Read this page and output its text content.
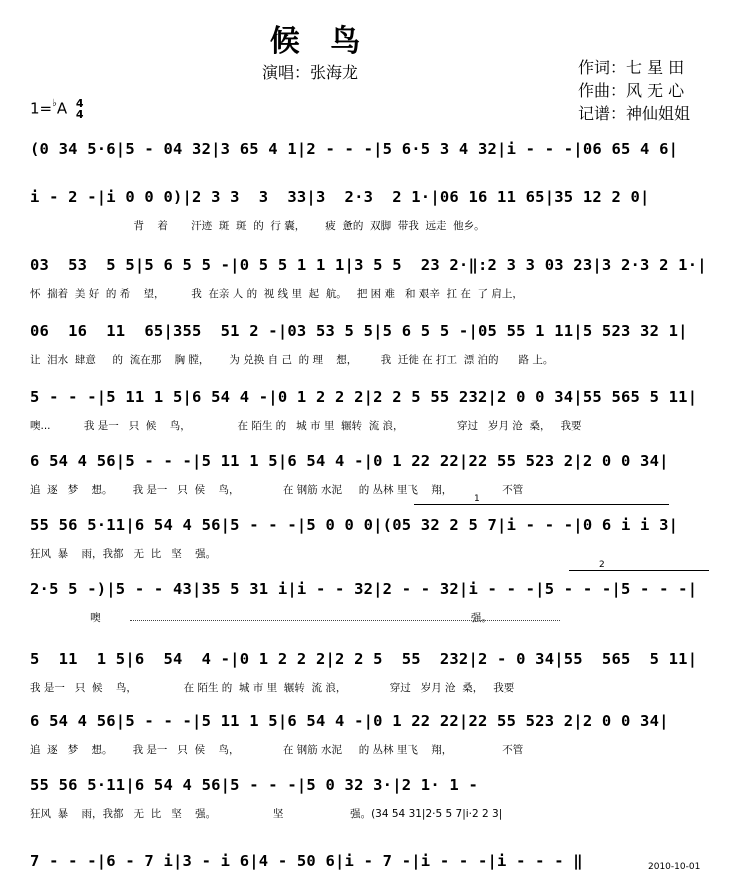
候 鸟
演唱：张海龙	作词：七 星 田
作曲：风 无 心
记谱：神仙姐姐
1=♭A 4
4
(0 34 5·6|5 - 04 32|3 65 4 1|2 - - -|5 6·5 3 4 32|i - - -|06 65 4 6|
i - 2 -|i 0 0 0)|2 3 3  3  33|3  2·3  2 1·|06 16 11 65|35 12 2 0|
背    着       汗迹  斑  斑  的  行 囊，      疲  惫的  双脚  带我  远走  他乡。
03  53  5 5|5 6 5 5 -|0 5 5 1 1 1|3 5 5  23 2·‖:2 3 3 03 23|3 2·3 2 1·|
怀  揣着  美 好  的 希    望，        我  在亲 人 的  视 线 里  起  航。   把 困 难   和 艰辛  扛 在  了 肩上，
06  16  11  65|355  51 2 -|03 53 5 5|5 6 5 5 -|05 55 1 11|5 523 32 1|
让  泪水  肆意     的  流在那    胸 膛，      为 兑换 自 己  的 理    想，       我  迁徙 在 打工  漂 泊的      路 上。
5 - - -|5 11 1 5|6 54 4 -|0 1 2 2 2|2 2 5 55 232|2 0 0 34|55 565 5 11|
噢...          我 是一   只  候    鸟，              在 陌生 的   城 市 里  辗转  流 浪，                穿过   岁月 沧  桑，   我要
6 54 4 56|5 - - -|5 11 1 5|6 54 4 -|0 1 22 22|22 55 523 2|2 0 0 34|
追  逐   梦    想。      我 是一   只  侯    鸟，             在 钢筋 水泥     的 丛林 里飞    翔，               不管
55 56 5·11|6 54 4 56|5 - - -|5 0 0 0|(05 32 2 5 7|i - - -|0 6 i i 3|
狂风  暴    雨，我都   无  比   坚    强。
2·5 5 -)|5 - - 43|35 5 31 i|i - - 32|2 - - 32|i - - -|5 - - -|5 - - -|
噢                                                                                                               强。
5  11  1 5|6  54  4 -|0 1 2 2 2|2 2 5  55  232|2 - 0 34|55  565  5 11|
我 是一   只  候    鸟，              在 陌生 的  城 市 里  辗转  流 浪，             穿过   岁月 沧  桑，   我要
6 54 4 56|5 - - -|5 11 1 5|6 54 4 -|0 1 22 22|22 55 523 2|2 0 0 34|
追  逐   梦    想。      我 是一   只  侯    鸟，             在 钢筋 水泥     的 丛林 里飞    翔，               不管
55 56 5·11|6 54 4 56|5 - - -|5 0 32 3·|2 1· 1 -
狂风  暴    雨，我都   无  比   坚    强。                 坚                    强。(34 54 31|2·5 5 7|i·2 2 3|
7 - - -|6 - 7 i|3 - i 6|4 - 50 6|i - 7 -|i - - -|i - - - ‖
1
2
2010-10-01
